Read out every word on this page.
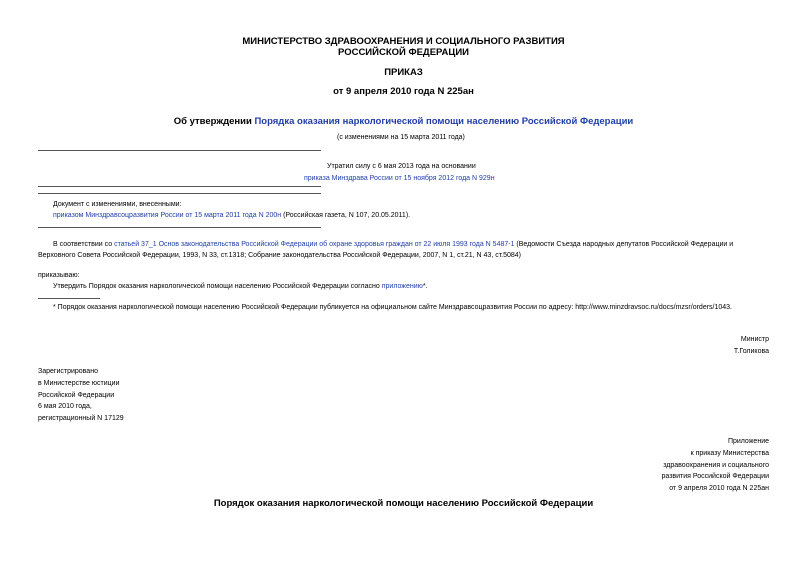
МИНИСТЕРСТВО ЗДРАВООХРАНЕНИЯ И СОЦИАЛЬНОГО РАЗВИТИЯ
РОССИЙСКОЙ ФЕДЕРАЦИИ
ПРИКАЗ
от 9 апреля 2010 года N 225ан
Об утверждении Порядка оказания наркологической помощи населению Российской Федерации
(с изменениями на 15 марта 2011 года)
Утратил силу с 6 мая 2013 года на основании
приказа Минздрава России от 15 ноября 2012 года N 929н
Документ с изменениями, внесенными:
приказом Минздравсоцразвития России от 15 марта 2011 года N 200н (Российская газета, N 107, 20.05.2011).
В соответствии со статьей 37_1 Основ законодательства Российской Федерации об охране здоровья граждан от 22 июля 1993 года N 5487-1 (Ведомости Съезда народных депутатов Российской Федерации и
Верховного Совета Российской Федерации, 1993, N 33, ст.1318; Собрание законодательства Российской Федерации, 2007, N 1, ст.21, N 43, ст.5084)
приказываю:
Утвердить Порядок оказания наркологической помощи населению Российской Федерации согласно приложению*.
* Порядок оказания наркологической помощи населению Российской Федерации публикуется на официальном сайте Минздравсоцразвития России по адресу: http://www.minzdravsoc.ru/docs/mzsr/orders/1043.
Министр
Т.Голикова
Зарегистрировано
в Министерстве юстиции
Российской Федерации
6 мая 2010 года,
регистрационный N 17129
Приложение
к приказу Министерства
здравоохранения и социального
развития Российской Федерации
от 9 апреля 2010 года N 225ан
Порядок оказания наркологической помощи населению Российской Федерации
